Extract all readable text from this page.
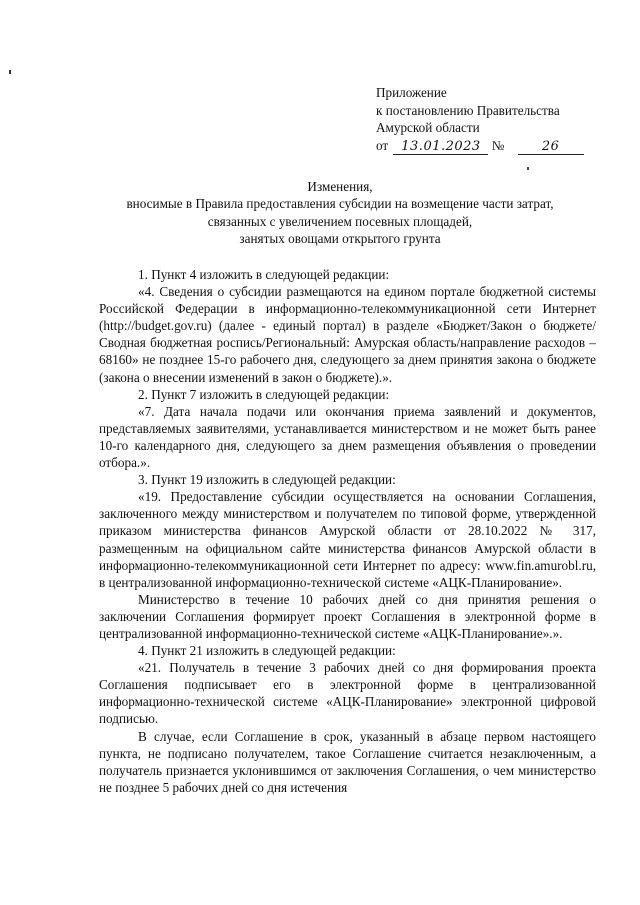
Приложение
к постановлению Правительства
Амурской области
от 13.01.2023 №	26
Изменения,
вносимые в Правила предоставления субсидии на возмещение части затрат,
связанных с увеличением посевных площадей,
занятых овощами открытого грунта

1. Пункт 4 изложить в следующей редакции:

«4. Сведения о субсидии размещаются на едином портале бюджетной системы Российской Федерации в информационно-телекоммуникационной сети Интернет (http://budget.gov.ru) (далее - единый портал) в разделе «Бюджет/Закон о бюджете/Сводная бюджетная роспись/Региональный: Амурская область/направление расходов – 68160» не позднее 15-го рабочего дня, следующего за днем принятия закона о бюджете (закона о внесении изменений в закон о бюджете).».

2. Пункт 7 изложить в следующей редакции:

«7. Дата начала подачи или окончания приема заявлений и документов, представляемых заявителями, устанавливается министерством и не может быть ранее 10-го календарного дня, следующего за днем размещения объявления о проведении отбора.».

3. Пункт 19 изложить в следующей редакции:

«19. Предоставление субсидии осуществляется на основании Соглашения, заключенного между министерством и получателем по типовой форме, утвержденной приказом министерства финансов Амурской области от 28.10.2022 № 317, размещенным на официальном сайте министерства финансов Амурской области в информационно-телекоммуникационной сети Интернет по адресу: www.fin.amurobl.ru, в централизованной информационно-технической системе «АЦК-Планирование».

Министерство в течение 10 рабочих дней со дня принятия решения о заключении Соглашения формирует проект Соглашения в электронной форме в централизованной информационно-технической системе «АЦК-Планирование».».

4. Пункт 21 изложить в следующей редакции:

«21. Получатель в течение 3 рабочих дней со дня формирования проекта Соглашения подписывает его в электронной форме в централизованной информационно-технической системе «АЦК-Планирование» электронной цифровой подписью.

В случае, если Соглашение в срок, указанный в абзаце первом настоящего пункта, не подписано получателем, такое Соглашение считается незаключенным, а получатель признается уклонившимся от заключения Соглашения, о чем министерство не позднее 5 рабочих дней со дня истечения
